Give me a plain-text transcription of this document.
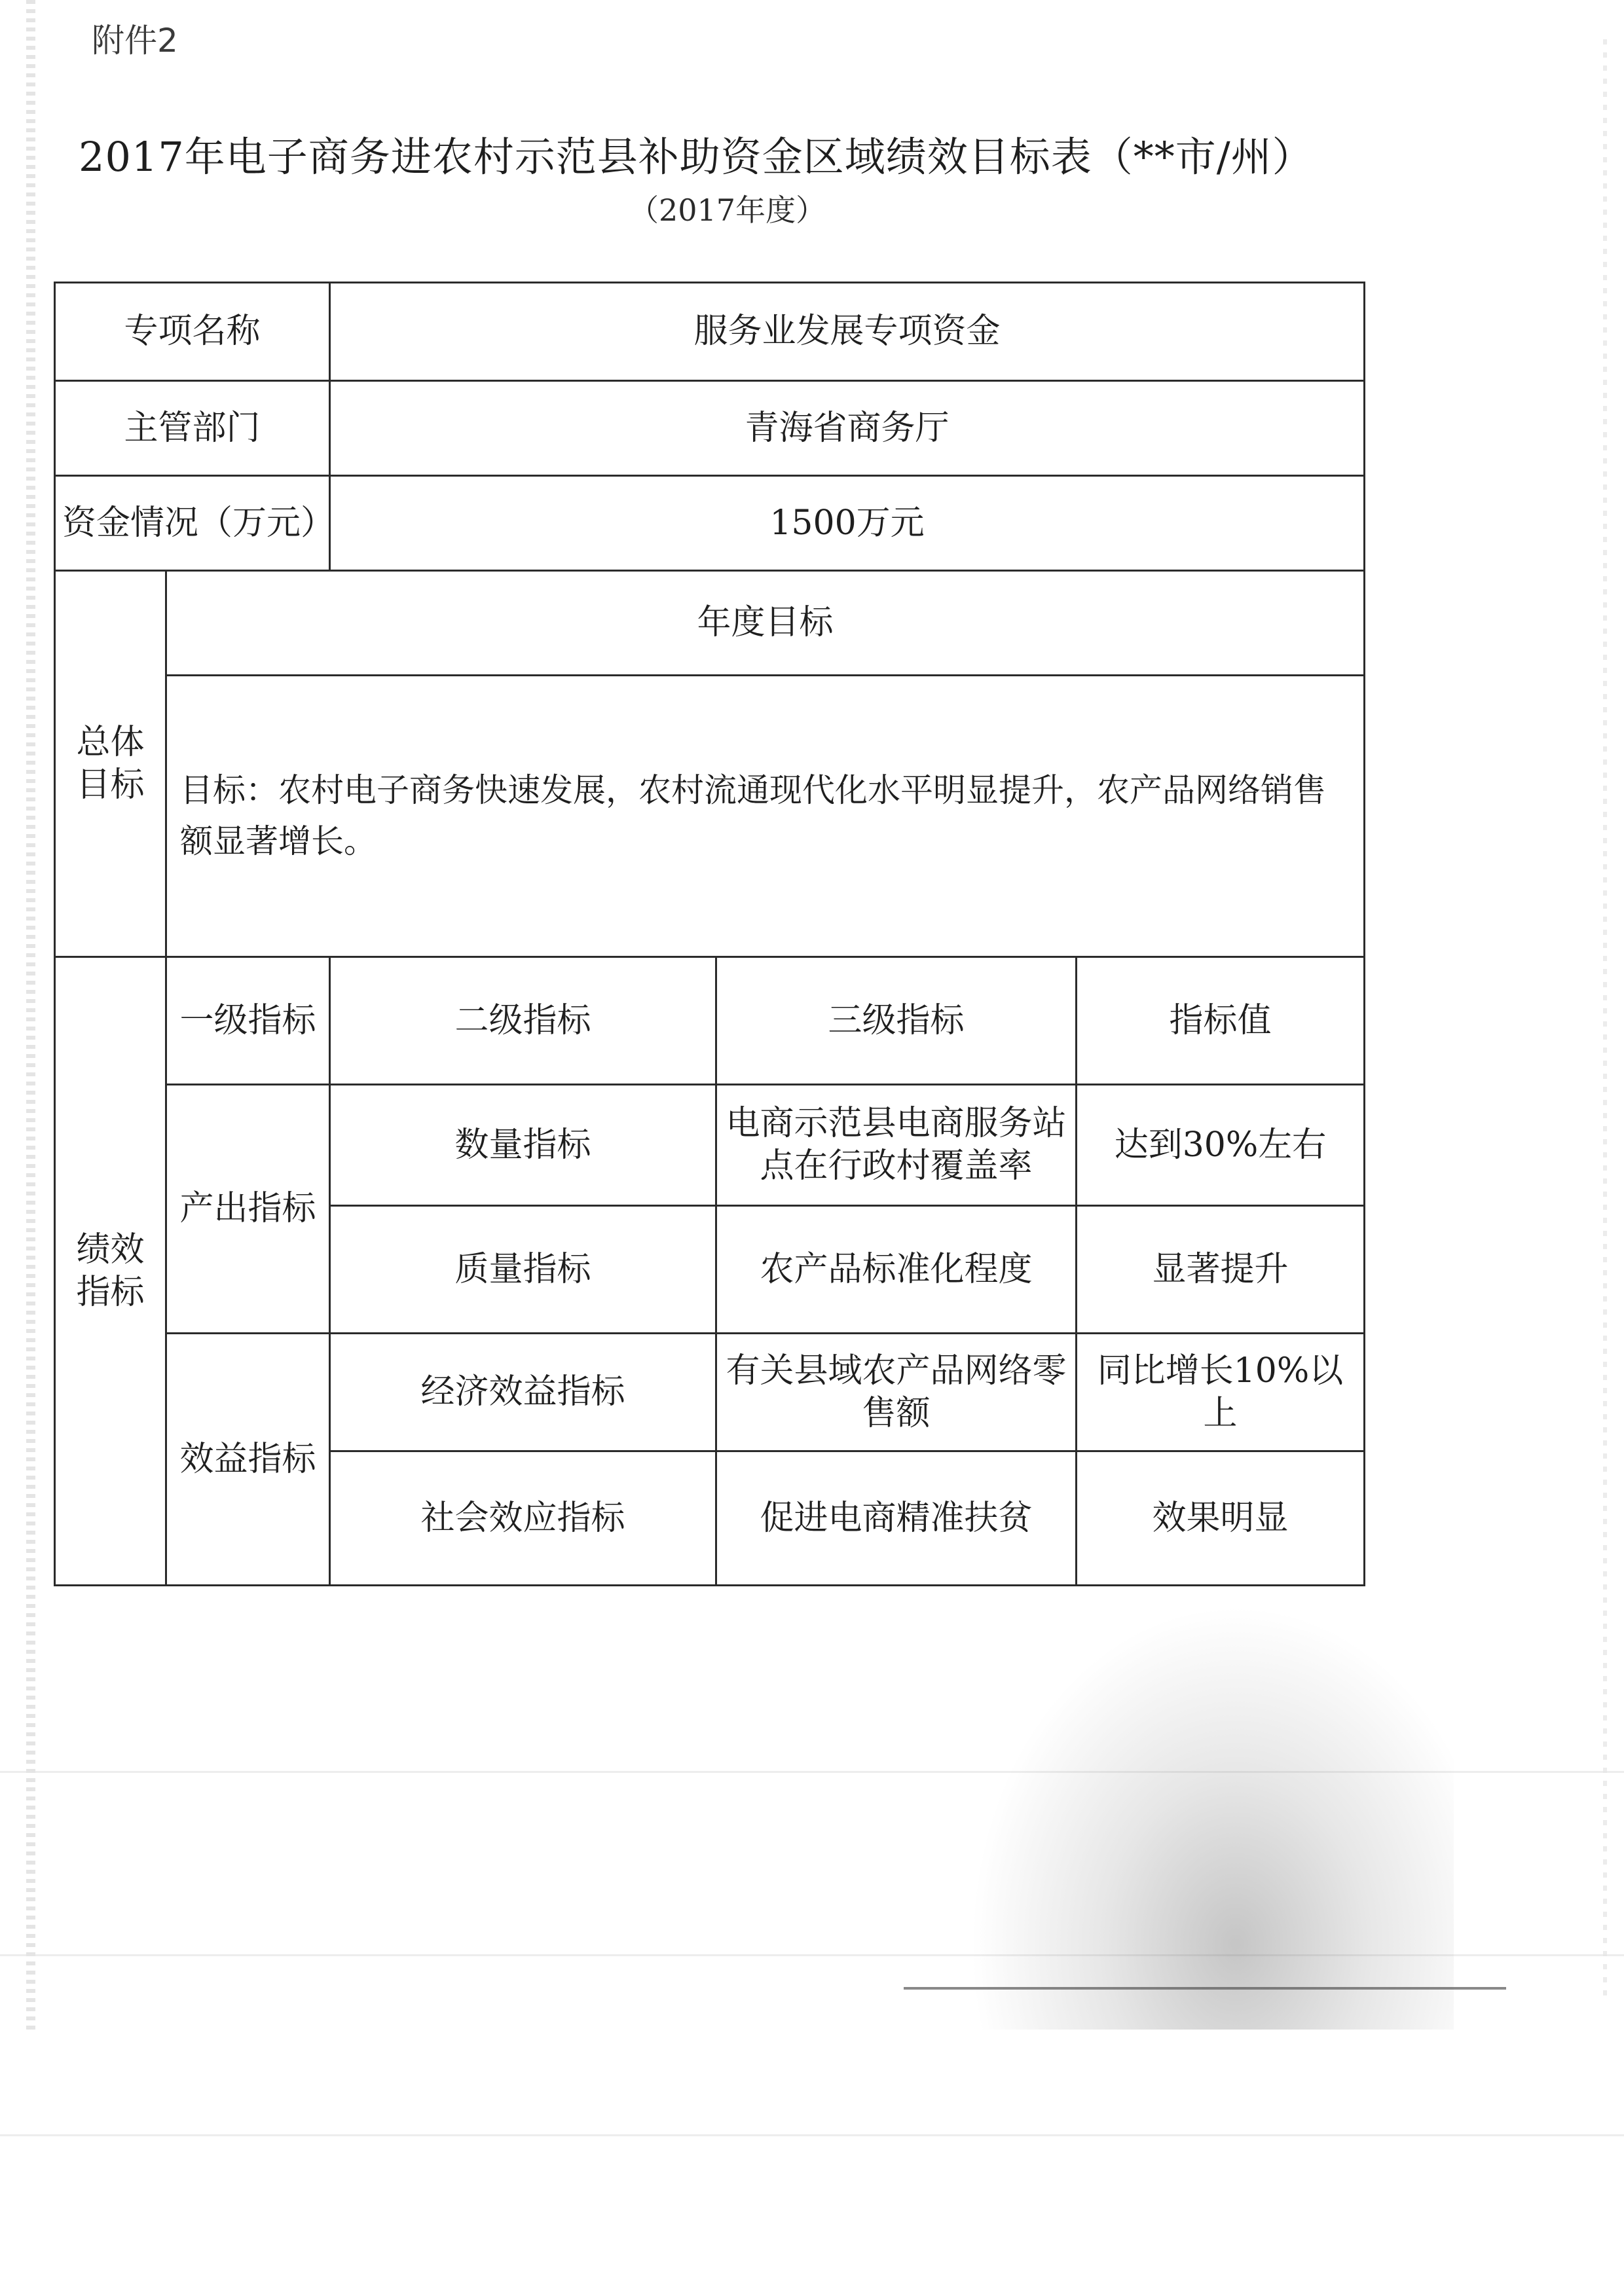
附件2
2017年电子商务进农村示范县补助资金区域绩效目标表（**市/州）
（2017年度）
专项名称		服务业发展专项资金		
主管部门		青海省商务厅		
资金情况（万元）		1500万元		
总体目标	年度目标			
	目标：农村电子商务快速发展，农村流通现代化水平明显提升，农产品网络销售额显著增长。			
绩效指标	一级指标	二级指标	三级指标	指标值
	产出指标	数量指标	电商示范县电商服务站点在行政村覆盖率	达到30%左右
		质量指标	农产品标准化程度	显著提升
	效益指标	经济效益指标	有关县域农产品网络零售额	同比增长10%以上
		社会效应指标	促进电商精准扶贫	效果明显
